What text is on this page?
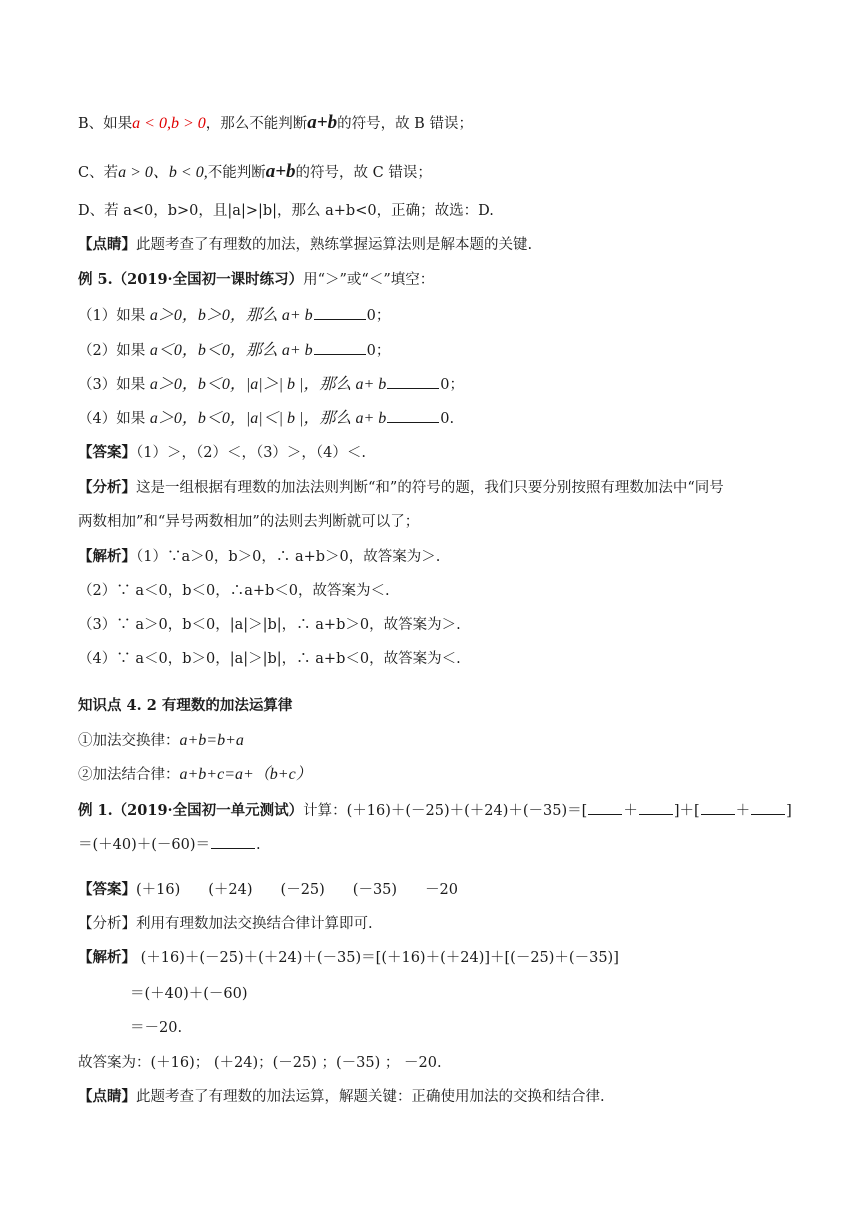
B、如果a < 0,b > 0，那么不能判断a+b的符号，故 B 错误；
C、若a > 0、b < 0,不能判断a+b的符号，故 C 错误；
D、若 a<0，b>0，且|a|>|b|，那么 a+b<0，正确；故选：D.
【点睛】此题考查了有理数的加法，熟练掌握运算法则是解本题的关键.
例 5.（2019·全国初一课时练习）用“＞”或“＜”填空：
（1）如果 a＞0，b＞0，那么 a+ b	0；
（2）如果 a＜0，b＜0，那么 a+ b	0；
（3）如果 a＞0，b＜0，|a|＞| b |，那么 a+ b	0；
（4）如果 a＞0，b＜0，|a|＜| b |，那么 a+ b	0.
【答案】（1）＞，（2）＜，（3）＞，（4）＜.
【分析】这是一组根据有理数的加法法则判断“和”的符号的题，我们只要分别按照有理数加法中“同号
两数相加”和“异号两数相加”的法则去判断就可以了；
【解析】（1）∵a＞0，b＞0，∴ a+b＞0，故答案为＞.
（2）∵ a＜0，b＜0，∴a+b＜0，故答案为＜.
（3）∵ a＞0，b＜0，|a|＞|b|，∴ a+b＞0，故答案为＞.
（4）∵ a＜0，b＞0，|a|＞|b|，∴ a+b＜0，故答案为＜.
知识点 4. 2 有理数的加法运算律
①加法交换律：a+b=b+a
②加法结合律：a+b+c=a+（b+c）
例 1.（2019·全国初一单元测试）计算：(＋16)＋(－25)＋(＋24)＋(－35)＝[ ＋ ]＋[ ＋ ]
＝(＋40)＋(－60)＝	.
【答案】(＋16) (＋24) (－25) (－35) －20
【分析】利用有理数加法交换结合律计算即可.
【解析】 (＋16)＋(－25)＋(＋24)＋(－35)＝[(＋16)＋(＋24)]＋[(－25)＋(－35)]
＝(＋40)＋(－60)
＝－20.
故答案为：(＋16)； (＋24)；(－25) ；(－35) ； －20.
【点睛】此题考查了有理数的加法运算，解题关键：正确使用加法的交换和结合律.
